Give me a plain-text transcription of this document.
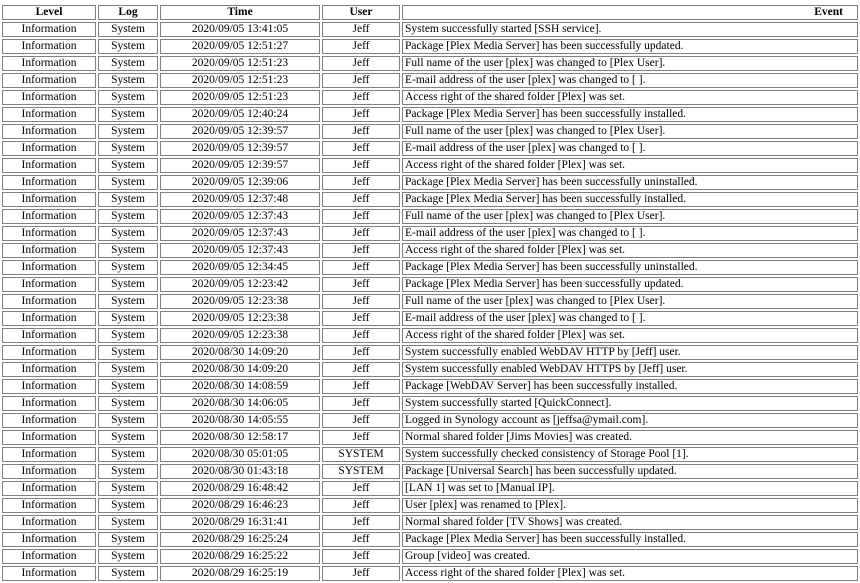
Level	Log	Time	User	Event
Information	System	2020/09/05 13:41:05	Jeff	System successfully started [SSH service].
Information	System	2020/09/05 12:51:27	Jeff	Package [Plex Media Server] has been successfully updated.
Information	System	2020/09/05 12:51:23	Jeff	Full name of the user [plex] was changed to [Plex User].
Information	System	2020/09/05 12:51:23	Jeff	E-mail address of the user [plex] was changed to [ ].
Information	System	2020/09/05 12:51:23	Jeff	Access right of the shared folder [Plex] was set.
Information	System	2020/09/05 12:40:24	Jeff	Package [Plex Media Server] has been successfully installed.
Information	System	2020/09/05 12:39:57	Jeff	Full name of the user [plex] was changed to [Plex User].
Information	System	2020/09/05 12:39:57	Jeff	E-mail address of the user [plex] was changed to [ ].
Information	System	2020/09/05 12:39:57	Jeff	Access right of the shared folder [Plex] was set.
Information	System	2020/09/05 12:39:06	Jeff	Package [Plex Media Server] has been successfully uninstalled.
Information	System	2020/09/05 12:37:48	Jeff	Package [Plex Media Server] has been successfully installed.
Information	System	2020/09/05 12:37:43	Jeff	Full name of the user [plex] was changed to [Plex User].
Information	System	2020/09/05 12:37:43	Jeff	E-mail address of the user [plex] was changed to [ ].
Information	System	2020/09/05 12:37:43	Jeff	Access right of the shared folder [Plex] was set.
Information	System	2020/09/05 12:34:45	Jeff	Package [Plex Media Server] has been successfully uninstalled.
Information	System	2020/09/05 12:23:42	Jeff	Package [Plex Media Server] has been successfully updated.
Information	System	2020/09/05 12:23:38	Jeff	Full name of the user [plex] was changed to [Plex User].
Information	System	2020/09/05 12:23:38	Jeff	E-mail address of the user [plex] was changed to [ ].
Information	System	2020/09/05 12:23:38	Jeff	Access right of the shared folder [Plex] was set.
Information	System	2020/08/30 14:09:20	Jeff	System successfully enabled WebDAV HTTP by [Jeff] user.
Information	System	2020/08/30 14:09:20	Jeff	System successfully enabled WebDAV HTTPS by [Jeff] user.
Information	System	2020/08/30 14:08:59	Jeff	Package [WebDAV Server] has been successfully installed.
Information	System	2020/08/30 14:06:05	Jeff	System successfully started [QuickConnect].
Information	System	2020/08/30 14:05:55	Jeff	Logged in Synology account as [jeffsa@ymail.com].
Information	System	2020/08/30 12:58:17	Jeff	Normal shared folder [Jims Movies] was created.
Information	System	2020/08/30 05:01:05	SYSTEM	System successfully checked consistency of Storage Pool [1].
Information	System	2020/08/30 01:43:18	SYSTEM	Package [Universal Search] has been successfully updated.
Information	System	2020/08/29 16:48:42	Jeff	[LAN 1] was set to [Manual IP].
Information	System	2020/08/29 16:46:23	Jeff	User [plex] was renamed to [Plex].
Information	System	2020/08/29 16:31:41	Jeff	Normal shared folder [TV Shows] was created.
Information	System	2020/08/29 16:25:24	Jeff	Package [Plex Media Server] has been successfully installed.
Information	System	2020/08/29 16:25:22	Jeff	Group [video] was created.
Information	System	2020/08/29 16:25:19	Jeff	Access right of the shared folder [Plex] was set.
